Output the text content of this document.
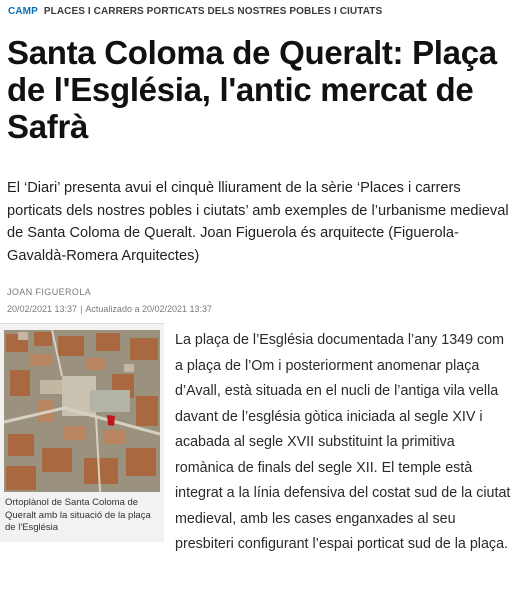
CAMP PLACES I CARRERS PORTICATS DELS NOSTRES POBLES I CIUTATS
Santa Coloma de Queralt: Plaça de l'Església, l'antic mercat de Safrà

El ‘Diari’ presenta avui el cinquè lliurament de la sèrie ‘Places i carrers porticats dels nostres pobles i ciutats’ amb exemples de l’urbanisme medieval de Santa Coloma de Queralt. Joan Figuerola és arquitecte (Figuerola-Gavaldà-Romera Arquitectes)

JOAN FIGUEROLA
20/02/2021 13:37 | Actualizado a 20/02/2021 13:37

Ortoplànol de Santa Coloma de Queralt amb la situació de la plaça de l'Església

La plaça de l’Església documentada l’any 1349 com a plaça de l’Om i posteriorment anomenar plaça d’Avall, està situada en el nucli de l’antiga vila vella davant de l’església gòtica iniciada al segle XIV i acabada al segle XVII substituint la primitiva romànica de finals del segle XII. El temple està integrat a la línia defensiva del costat sud de la ciutat medieval, amb les cases enganxades al seu presbiteri configurant l’espai porticat sud de la plaça.
